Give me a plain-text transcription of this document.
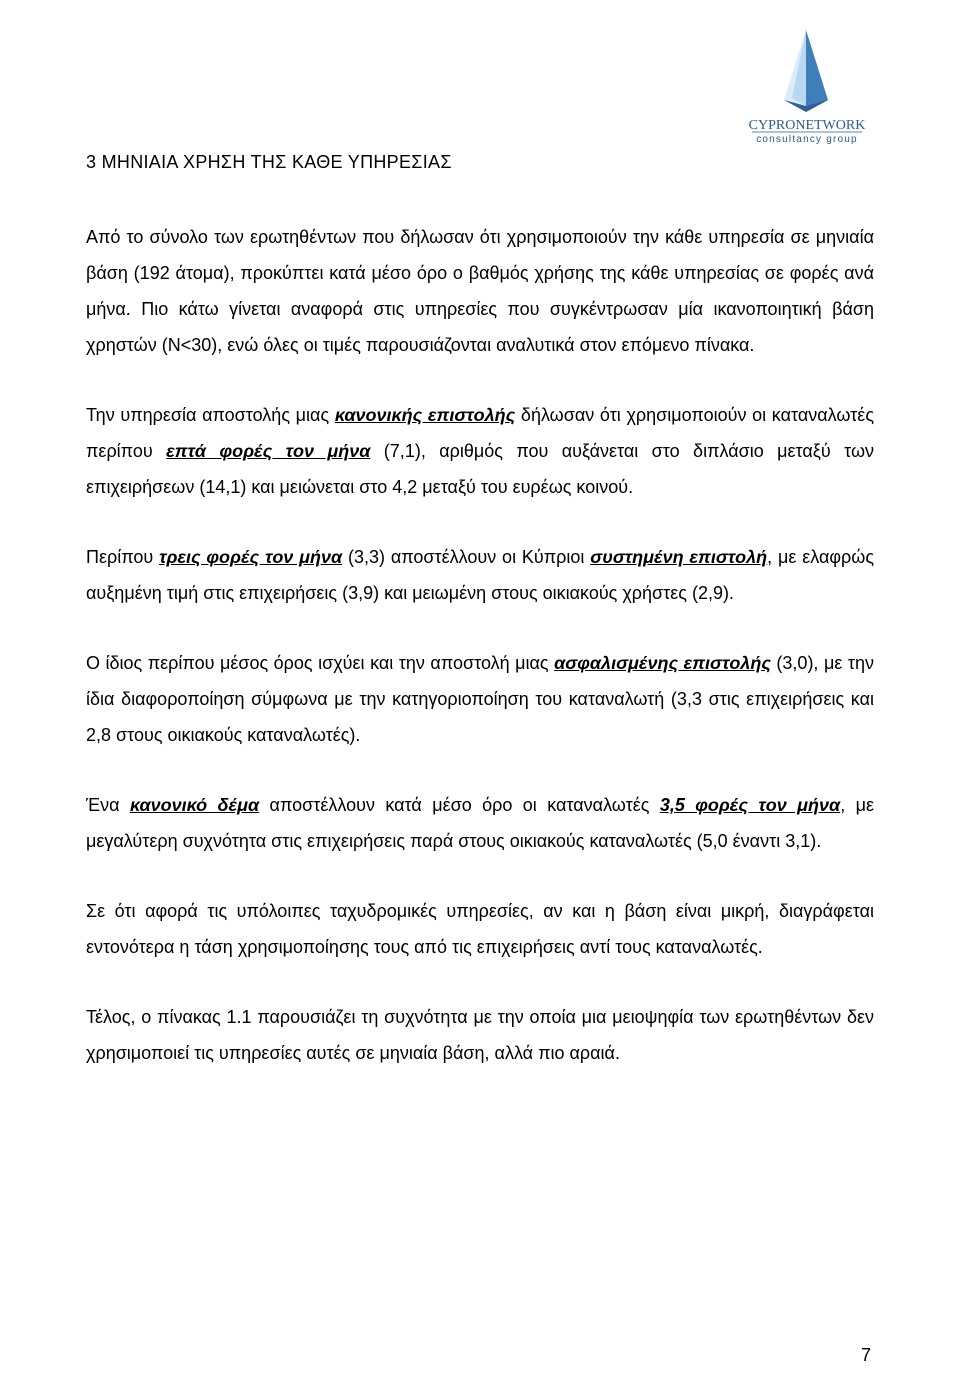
CYPRONETWORK
consultancy group
3 ΜΗΝΙΑΙΑ ΧΡΗΣΗ ΤΗΣ ΚΑΘΕ ΥΠΗΡΕΣΙΑΣ

Από το σύνολο των ερωτηθέντων που δήλωσαν ότι χρησιμοποιούν την κάθε υπηρεσία σε μηνιαία βάση (192 άτομα), προκύπτει κατά μέσο όρο ο βαθμός χρήσης της κάθε υπηρεσίας σε φορές ανά μήνα. Πιο κάτω γίνεται αναφορά στις υπηρεσίες που συγκέντρωσαν μία ικανοποιητική βάση χρηστών (Ν<30), ενώ όλες οι τιμές παρουσιάζονται αναλυτικά στον επόμενο πίνακα.

Την υπηρεσία αποστολής μιας κανονικής επιστολής δήλωσαν ότι χρησιμοποιούν οι καταναλωτές περίπου επτά φορές τον μήνα (7,1), αριθμός που αυξάνεται στο διπλάσιο μεταξύ των επιχειρήσεων (14,1) και μειώνεται στο 4,2 μεταξύ του ευρέως κοινού.

Περίπου τρεις φορές τον μήνα (3,3) αποστέλλουν οι Κύπριοι συστημένη επιστολή, με ελαφρώς αυξημένη τιμή στις επιχειρήσεις (3,9) και μειωμένη στους οικιακούς χρήστες (2,9).

Ο ίδιος περίπου μέσος όρος ισχύει και την αποστολή μιας ασφαλισμένης επιστολής (3,0), με την ίδια διαφοροποίηση σύμφωνα με την κατηγοριοποίηση του καταναλωτή (3,3 στις επιχειρήσεις και 2,8 στους οικιακούς καταναλωτές).

Ένα κανονικό δέμα αποστέλλουν κατά μέσο όρο οι καταναλωτές 3,5 φορές τον μήνα, με μεγαλύτερη συχνότητα στις επιχειρήσεις παρά στους οικιακούς καταναλωτές (5,0 έναντι 3,1).

Σε ότι αφορά τις υπόλοιπες ταχυδρομικές υπηρεσίες, αν και η βάση είναι μικρή, διαγράφεται εντονότερα η τάση χρησιμοποίησης τους από τις επιχειρήσεις αντί τους καταναλωτές.

Τέλος, ο πίνακας 1.1 παρουσιάζει τη συχνότητα με την οποία μια μειοψηφία των ερωτηθέντων δεν χρησιμοποιεί τις υπηρεσίες αυτές σε μηνιαία βάση, αλλά πιο αραιά.

7
